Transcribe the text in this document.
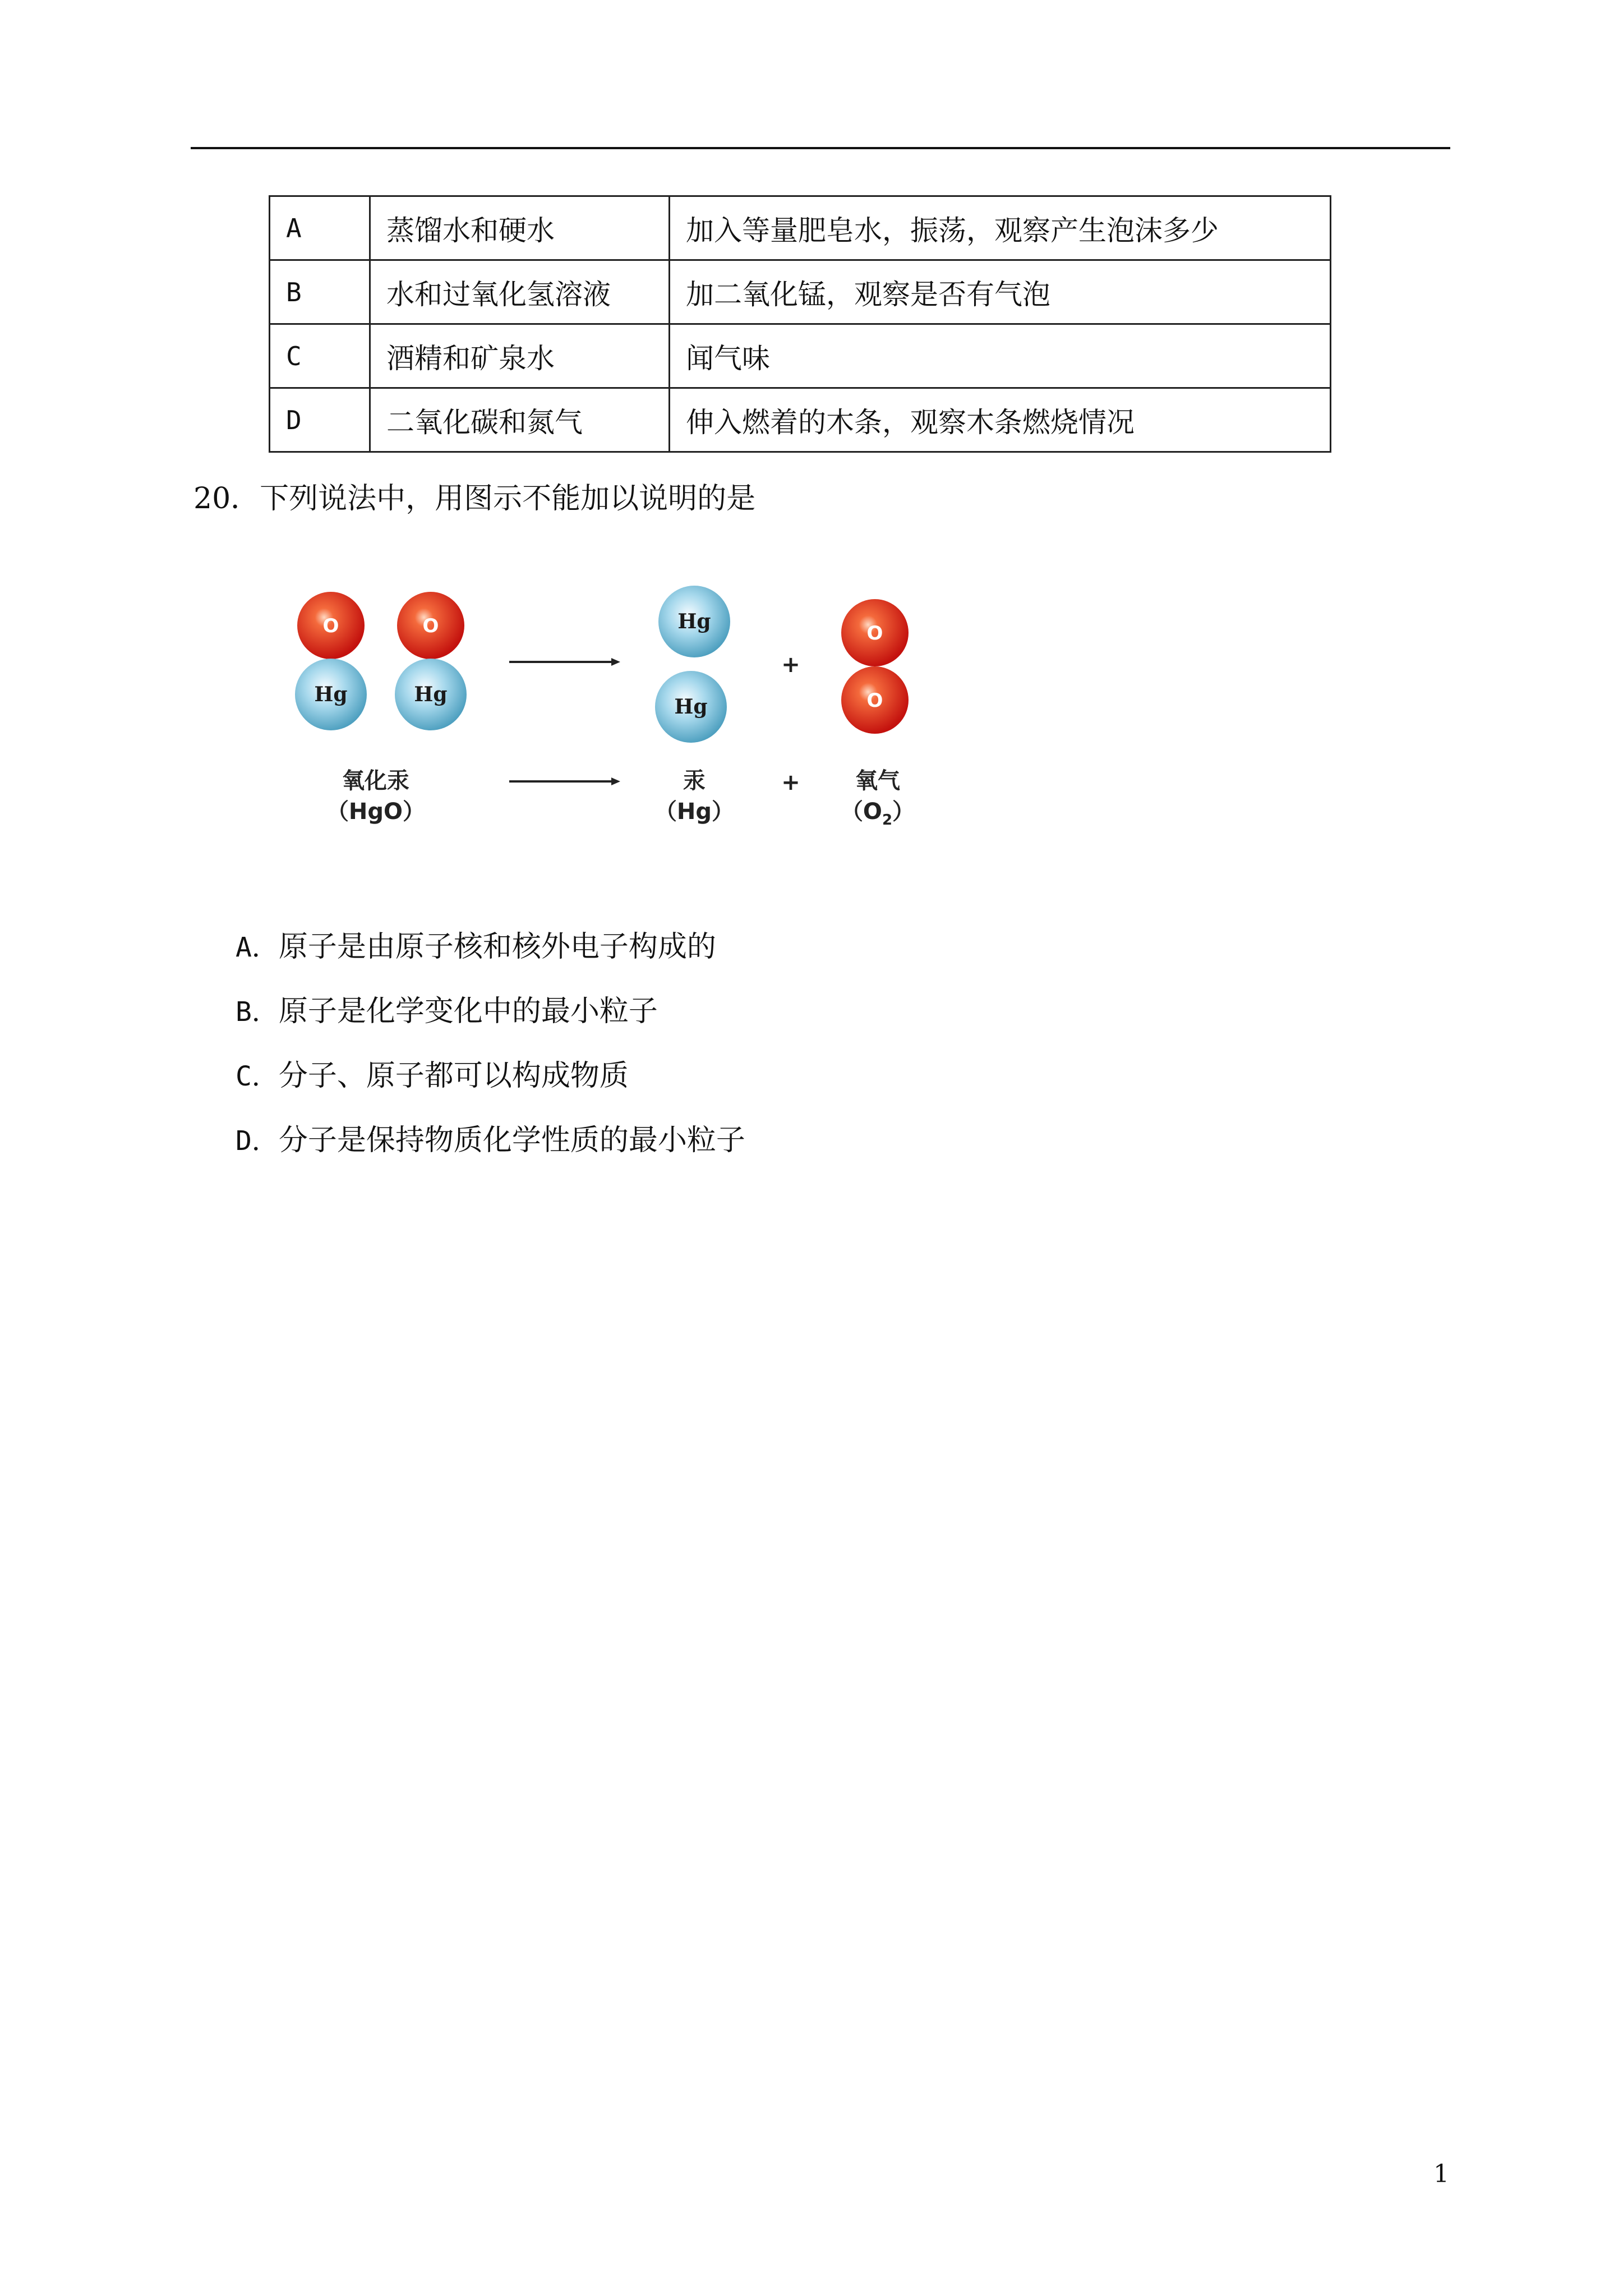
A	蒸馏水和硬水	加入等量肥皂水，振荡，观察产生泡沫多少
B	水和过氧化氢溶液	加二氧化锰，观察是否有气泡
C	酒精和矿泉水	闻气味
D	二氧化碳和氮气	伸入燃着的木条，观察木条燃烧情况
20．下列说法中，用图示不能加以说明的是
O
Hg
O
Hg
Hg
Hg
+
O
O
氧化汞
（HgO）
汞
（Hg）
+ 氧气
$(O_2)$
A．原子是由原子核和核外电子构成的
B．原子是化学变化中的最小粒子
C．分子、原子都可以构成物质
D．分子是保持物质化学性质的最小粒子
1
